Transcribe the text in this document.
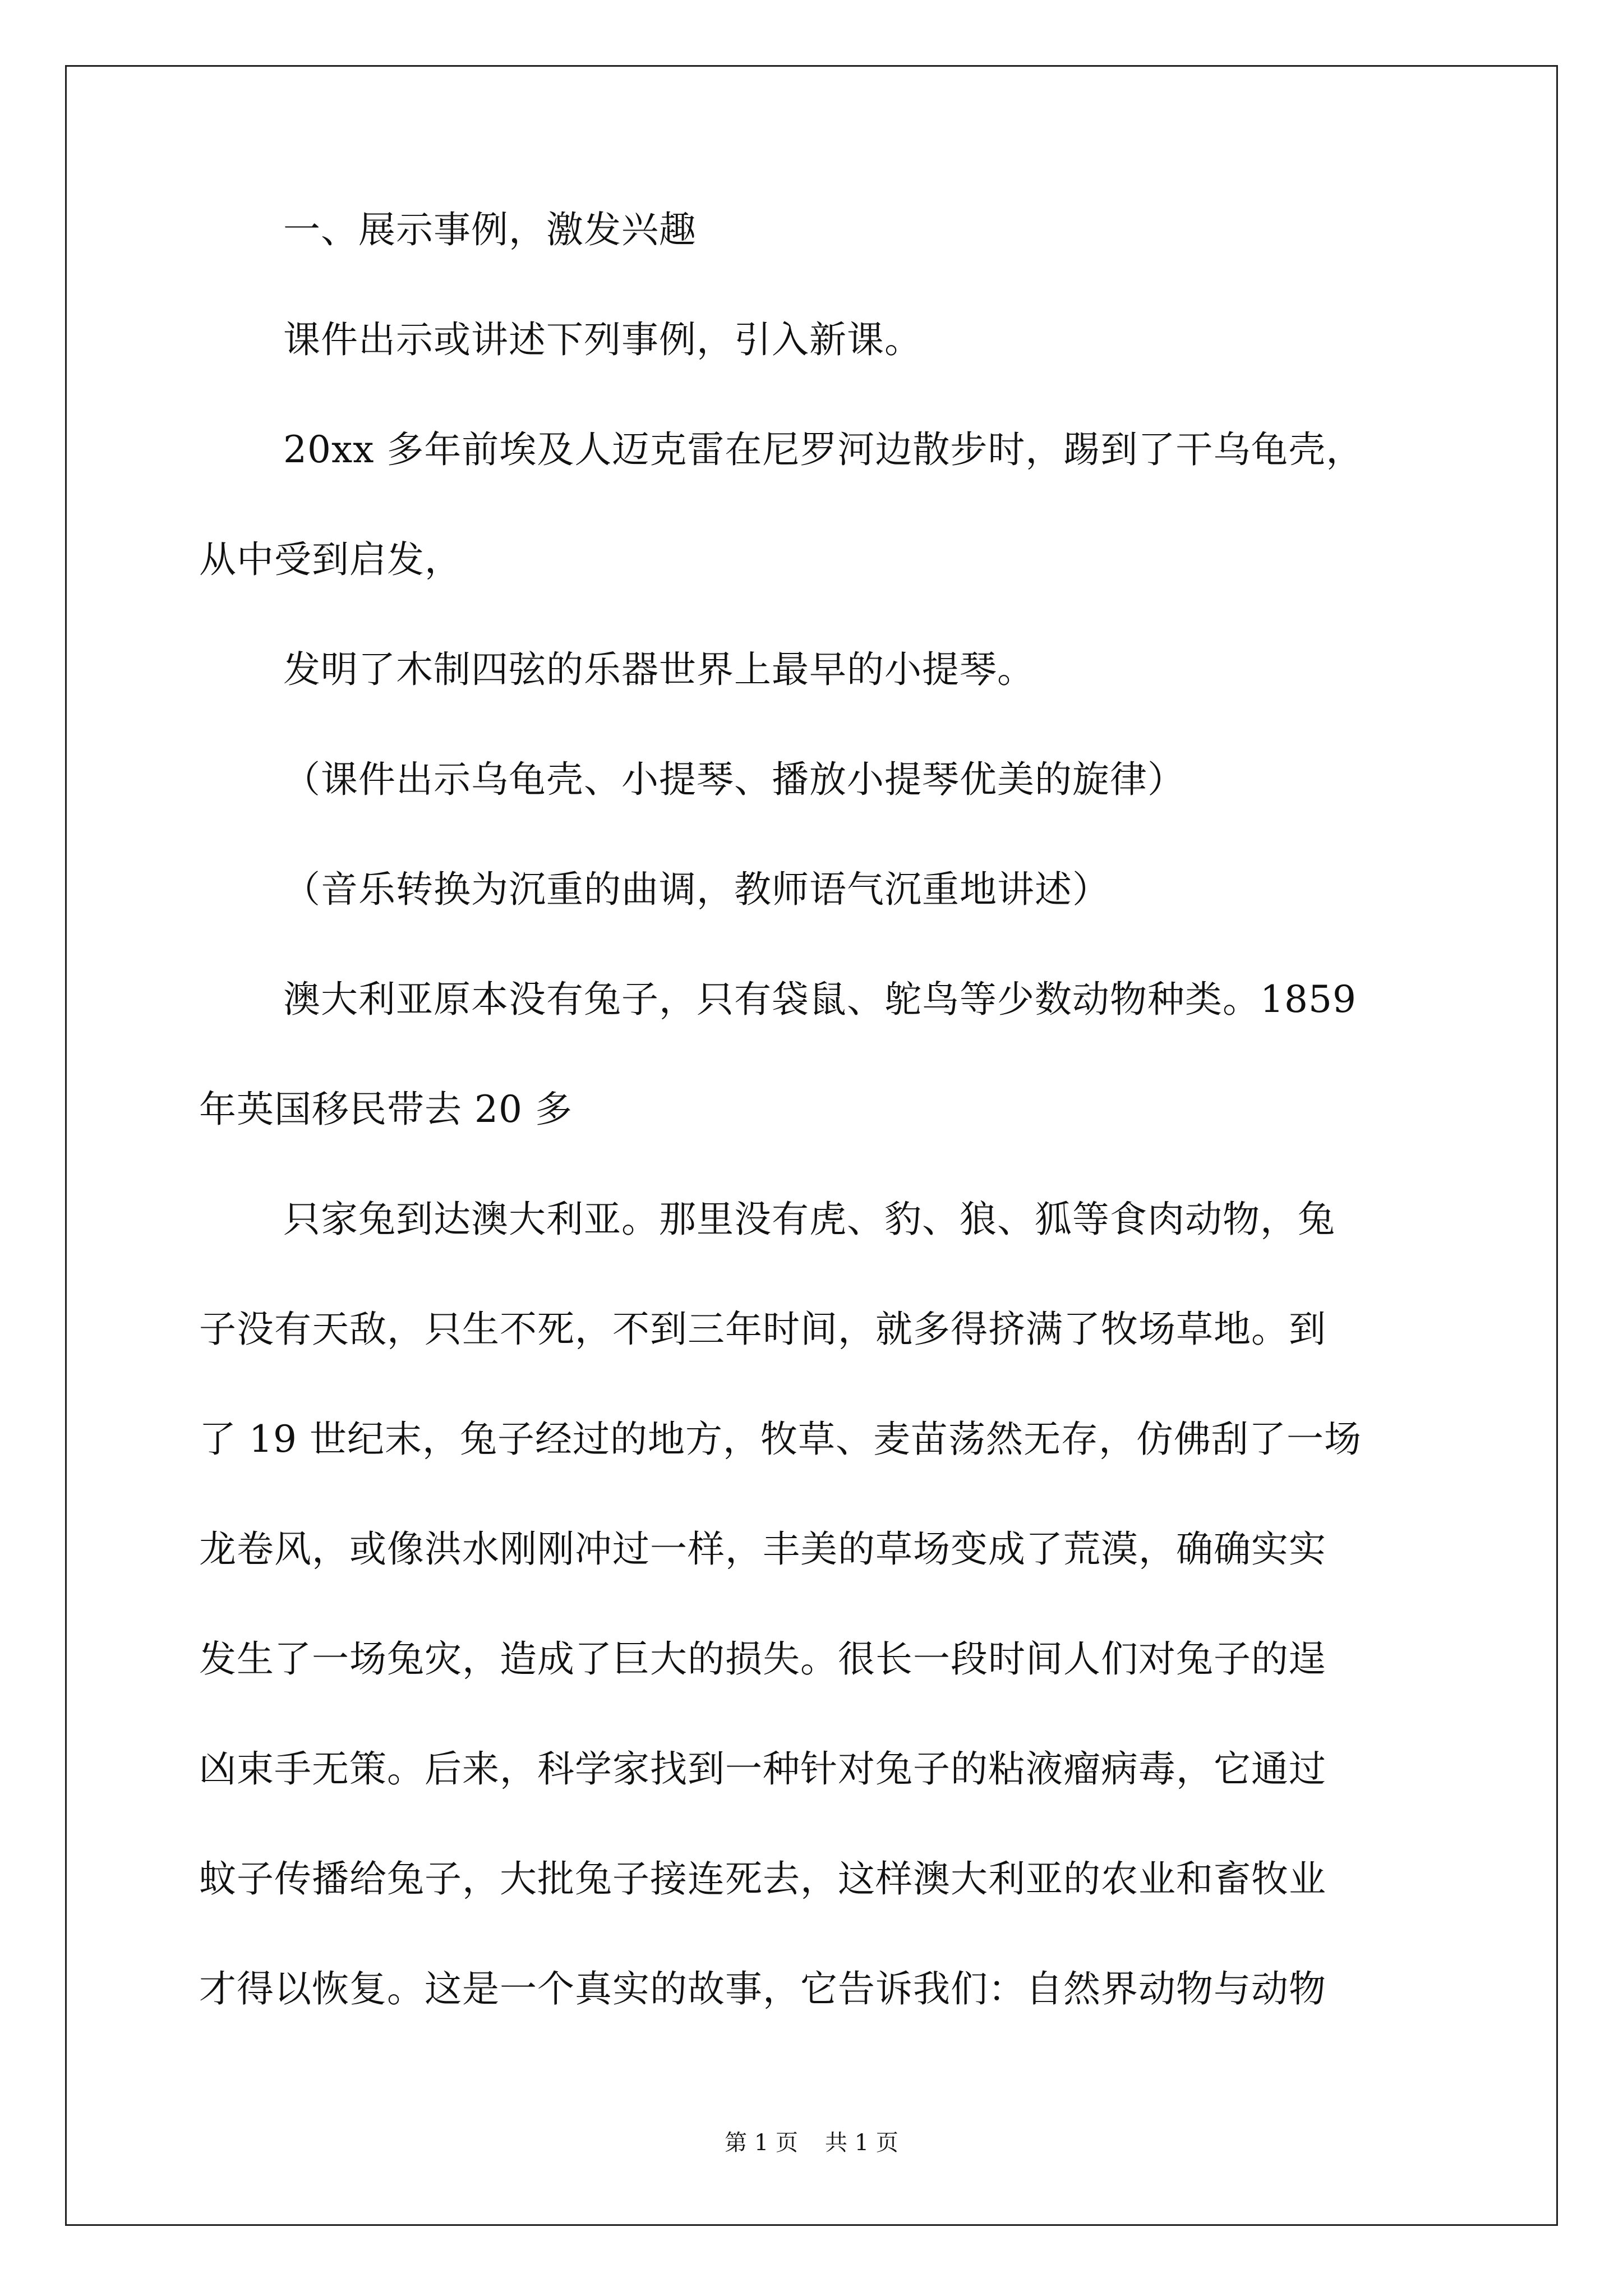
一、展示事例，激发兴趣
课件出示或讲述下列事例，引入新课。
20xx 多年前埃及人迈克雷在尼罗河边散步时，踢到了干乌龟壳，
从中受到启发，
发明了木制四弦的乐器世界上最早的小提琴。
（课件出示乌龟壳、小提琴、播放小提琴优美的旋律）
（音乐转换为沉重的曲调，教师语气沉重地讲述）
澳大利亚原本没有兔子，只有袋鼠、鸵鸟等少数动物种类。1859
年英国移民带去 20 多
只家兔到达澳大利亚。那里没有虎、豹、狼、狐等食肉动物，兔
子没有天敌，只生不死，不到三年时间，就多得挤满了牧场草地。到
了 19 世纪末，兔子经过的地方，牧草、麦苗荡然无存，仿佛刮了一场
龙卷风，或像洪水刚刚冲过一样，丰美的草场变成了荒漠，确确实实
发生了一场兔灾，造成了巨大的损失。很长一段时间人们对兔子的逞
凶束手无策。后来，科学家找到一种针对兔子的粘液瘤病毒，它通过
蚊子传播给兔子，大批兔子接连死去，这样澳大利亚的农业和畜牧业
才得以恢复。这是一个真实的故事，它告诉我们：自然界动物与动物
第 1 页 共 1 页
